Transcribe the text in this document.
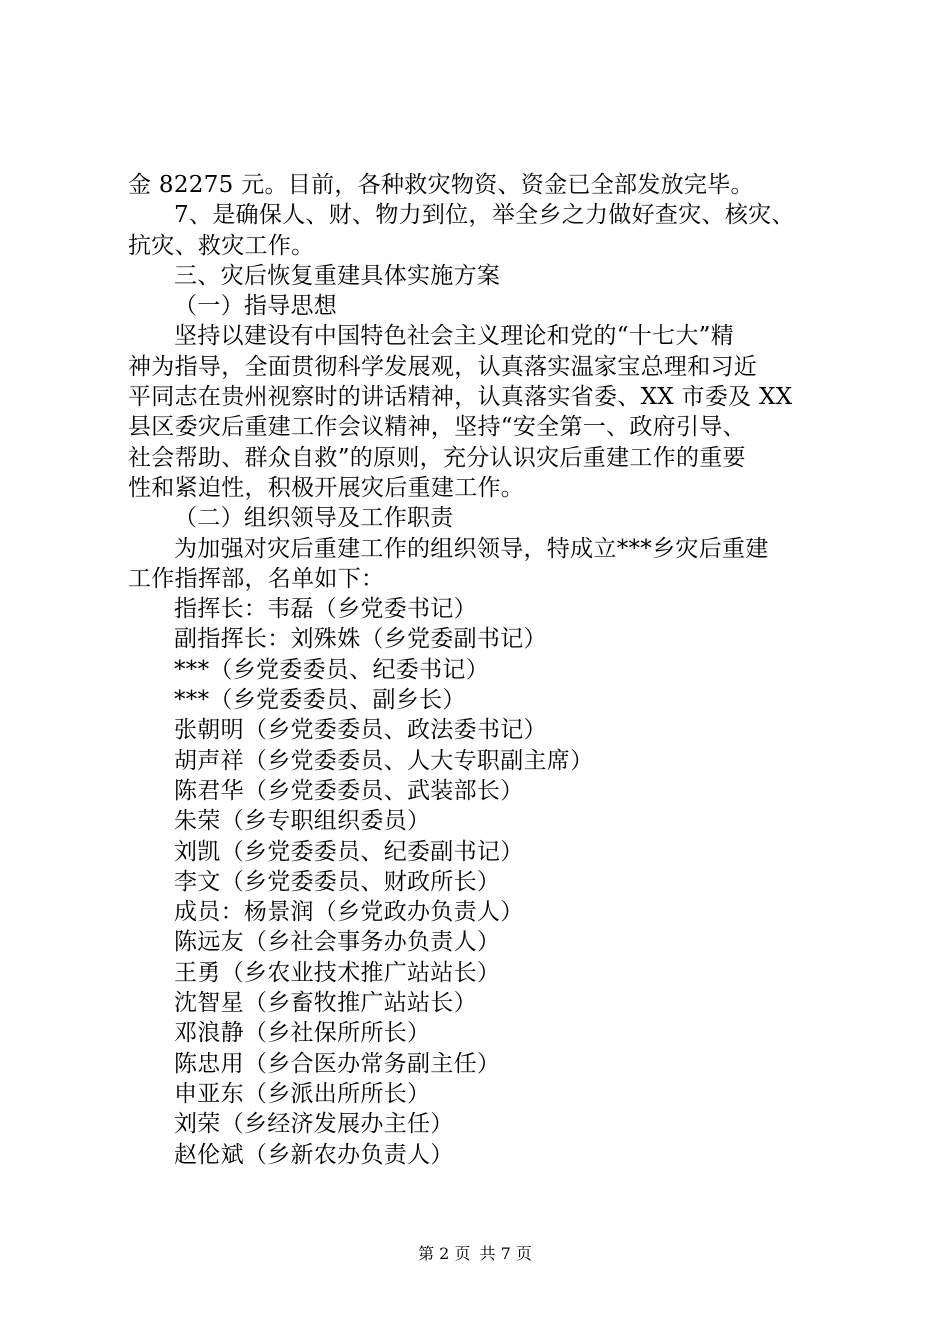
金 82275 元。目前，各种救灾物资、资金已全部发放完毕。
7、是确保人、财、物力到位，举全乡之力做好查灾、核灾、
抗灾、救灾工作。
三、灾后恢复重建具体实施方案
（一）指导思想
坚持以建设有中国特色社会主义理论和党的“十七大”精
神为指导，全面贯彻科学发展观，认真落实温家宝总理和习近
平同志在贵州视察时的讲话精神，认真落实省委、XX 市委及 XX
县区委灾后重建工作会议精神，坚持“安全第一、政府引导、
社会帮助、群众自救”的原则，充分认识灾后重建工作的重要
性和紧迫性，积极开展灾后重建工作。
（二）组织领导及工作职责
为加强对灾后重建工作的组织领导，特成立***乡灾后重建
工作指挥部，名单如下：
指挥长：韦磊（乡党委书记）
副指挥长：刘殊姝（乡党委副书记）
***（乡党委委员、纪委书记）
***（乡党委委员、副乡长）
张朝明（乡党委委员、政法委书记）
胡声祥（乡党委委员、人大专职副主席）
陈君华（乡党委委员、武装部长）
朱荣（乡专职组织委员）
刘凯（乡党委委员、纪委副书记）
李文（乡党委委员、财政所长）
成员：杨景润（乡党政办负责人）
陈远友（乡社会事务办负责人）
王勇（乡农业技术推广站站长）
沈智星（乡畜牧推广站站长）
邓浪静（乡社保所所长）
陈忠用（乡合医办常务副主任）
申亚东（乡派出所所长）
刘荣（乡经济发展办主任）
赵伦斌（乡新农办负责人）
第 2 页 共 7 页
